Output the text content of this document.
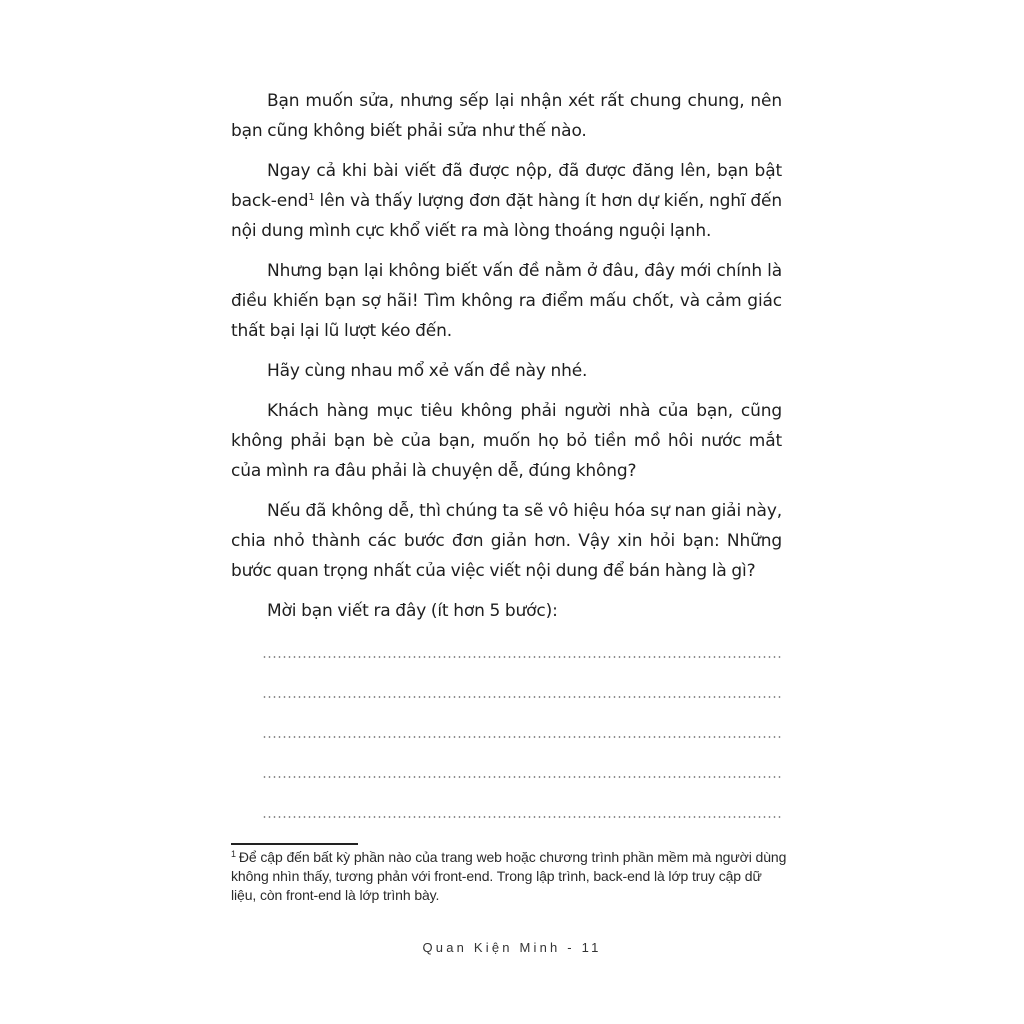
Bạn muốn sửa, nhưng sếp lại nhận xét rất chung chung, nên bạn cũng không biết phải sửa như thế nào.

Ngay cả khi bài viết đã được nộp, đã được đăng lên, bạn bật back-end$^1$ lên và thấy lượng đơn đặt hàng ít hơn dự kiến, nghĩ đến nội dung mình cực khổ viết ra mà lòng thoáng nguội lạnh.

Nhưng bạn lại không biết vấn đề nằm ở đâu, đây mới chính là điều khiến bạn sợ hãi! Tìm không ra điểm mấu chốt, và cảm giác thất bại lại lũ lượt kéo đến.

Hãy cùng nhau mổ xẻ vấn đề này nhé.

Khách hàng mục tiêu không phải người nhà của bạn, cũng không phải bạn bè của bạn, muốn họ bỏ tiền mồ hôi nước mắt của mình ra đâu phải là chuyện dễ, đúng không?

Nếu đã không dễ, thì chúng ta sẽ vô hiệu hóa sự nan giải này, chia nhỏ thành các bước đơn giản hơn. Vậy xin hỏi bạn: Những bước quan trọng nhất của việc viết nội dung để bán hàng là gì?

Mời bạn viết ra đây (ít hơn 5 bước):

$^1$ Để cập đến bất kỳ phần nào của trang web hoặc chương trình phần mềm mà người dùng không nhìn thấy, tương phản với front-end. Trong lập trình, back-end là lớp truy cập dữ liệu, còn front-end là lớp trình bày.
Quan Kiện Minh - 11
